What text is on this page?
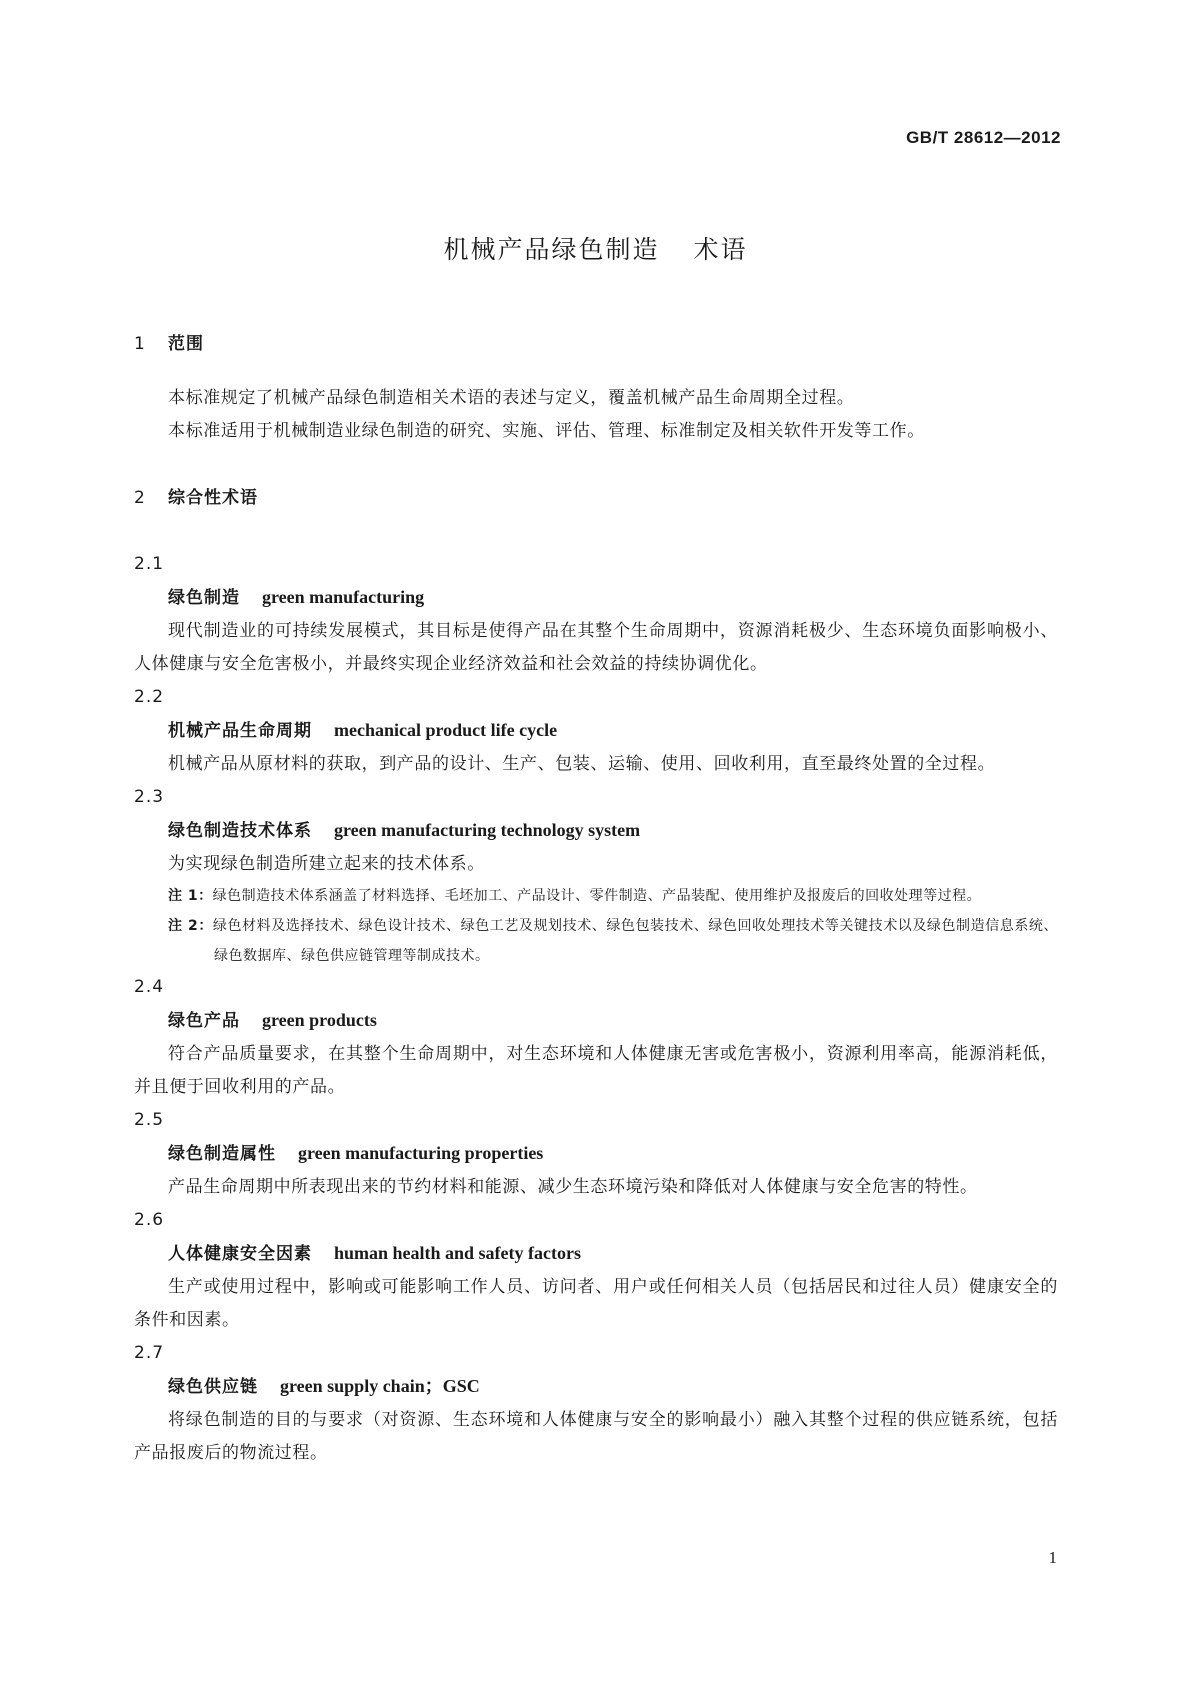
GB/T 28612—2012
机械产品绿色制造 术语
1 范围
本标准规定了机械产品绿色制造相关术语的表述与定义，覆盖机械产品生命周期全过程。
本标准适用于机械制造业绿色制造的研究、实施、评估、管理、标准制定及相关软件开发等工作。
2 综合性术语
2.1
绿色制造 green manufacturing
现代制造业的可持续发展模式，其目标是使得产品在其整个生命周期中，资源消耗极少、生态环境负面影响极小、人体健康与安全危害极小，并最终实现企业经济效益和社会效益的持续协调优化。
2.2
机械产品生命周期 mechanical product life cycle
机械产品从原材料的获取，到产品的设计、生产、包装、运输、使用、回收利用，直至最终处置的全过程。
2.3
绿色制造技术体系 green manufacturing technology system
为实现绿色制造所建立起来的技术体系。
注 1：绿色制造技术体系涵盖了材料选择、毛坯加工、产品设计、零件制造、产品装配、使用维护及报废后的回收处理等过程。
注 2：绿色材料及选择技术、绿色设计技术、绿色工艺及规划技术、绿色包装技术、绿色回收处理技术等关键技术以及绿色制造信息系统、绿色数据库、绿色供应链管理等制成技术。
2.4
绿色产品 green products
符合产品质量要求，在其整个生命周期中，对生态环境和人体健康无害或危害极小，资源利用率高，能源消耗低，并且便于回收利用的产品。
2.5
绿色制造属性 green manufacturing properties
产品生命周期中所表现出来的节约材料和能源、减少生态环境污染和降低对人体健康与安全危害的特性。
2.6
人体健康安全因素 human health and safety factors
生产或使用过程中，影响或可能影响工作人员、访问者、用户或任何相关人员（包括居民和过往人员）健康安全的条件和因素。
2.7
绿色供应链 green supply chain；GSC
将绿色制造的目的与要求（对资源、生态环境和人体健康与安全的影响最小）融入其整个过程的供应链系统，包括产品报废后的物流过程。
1
